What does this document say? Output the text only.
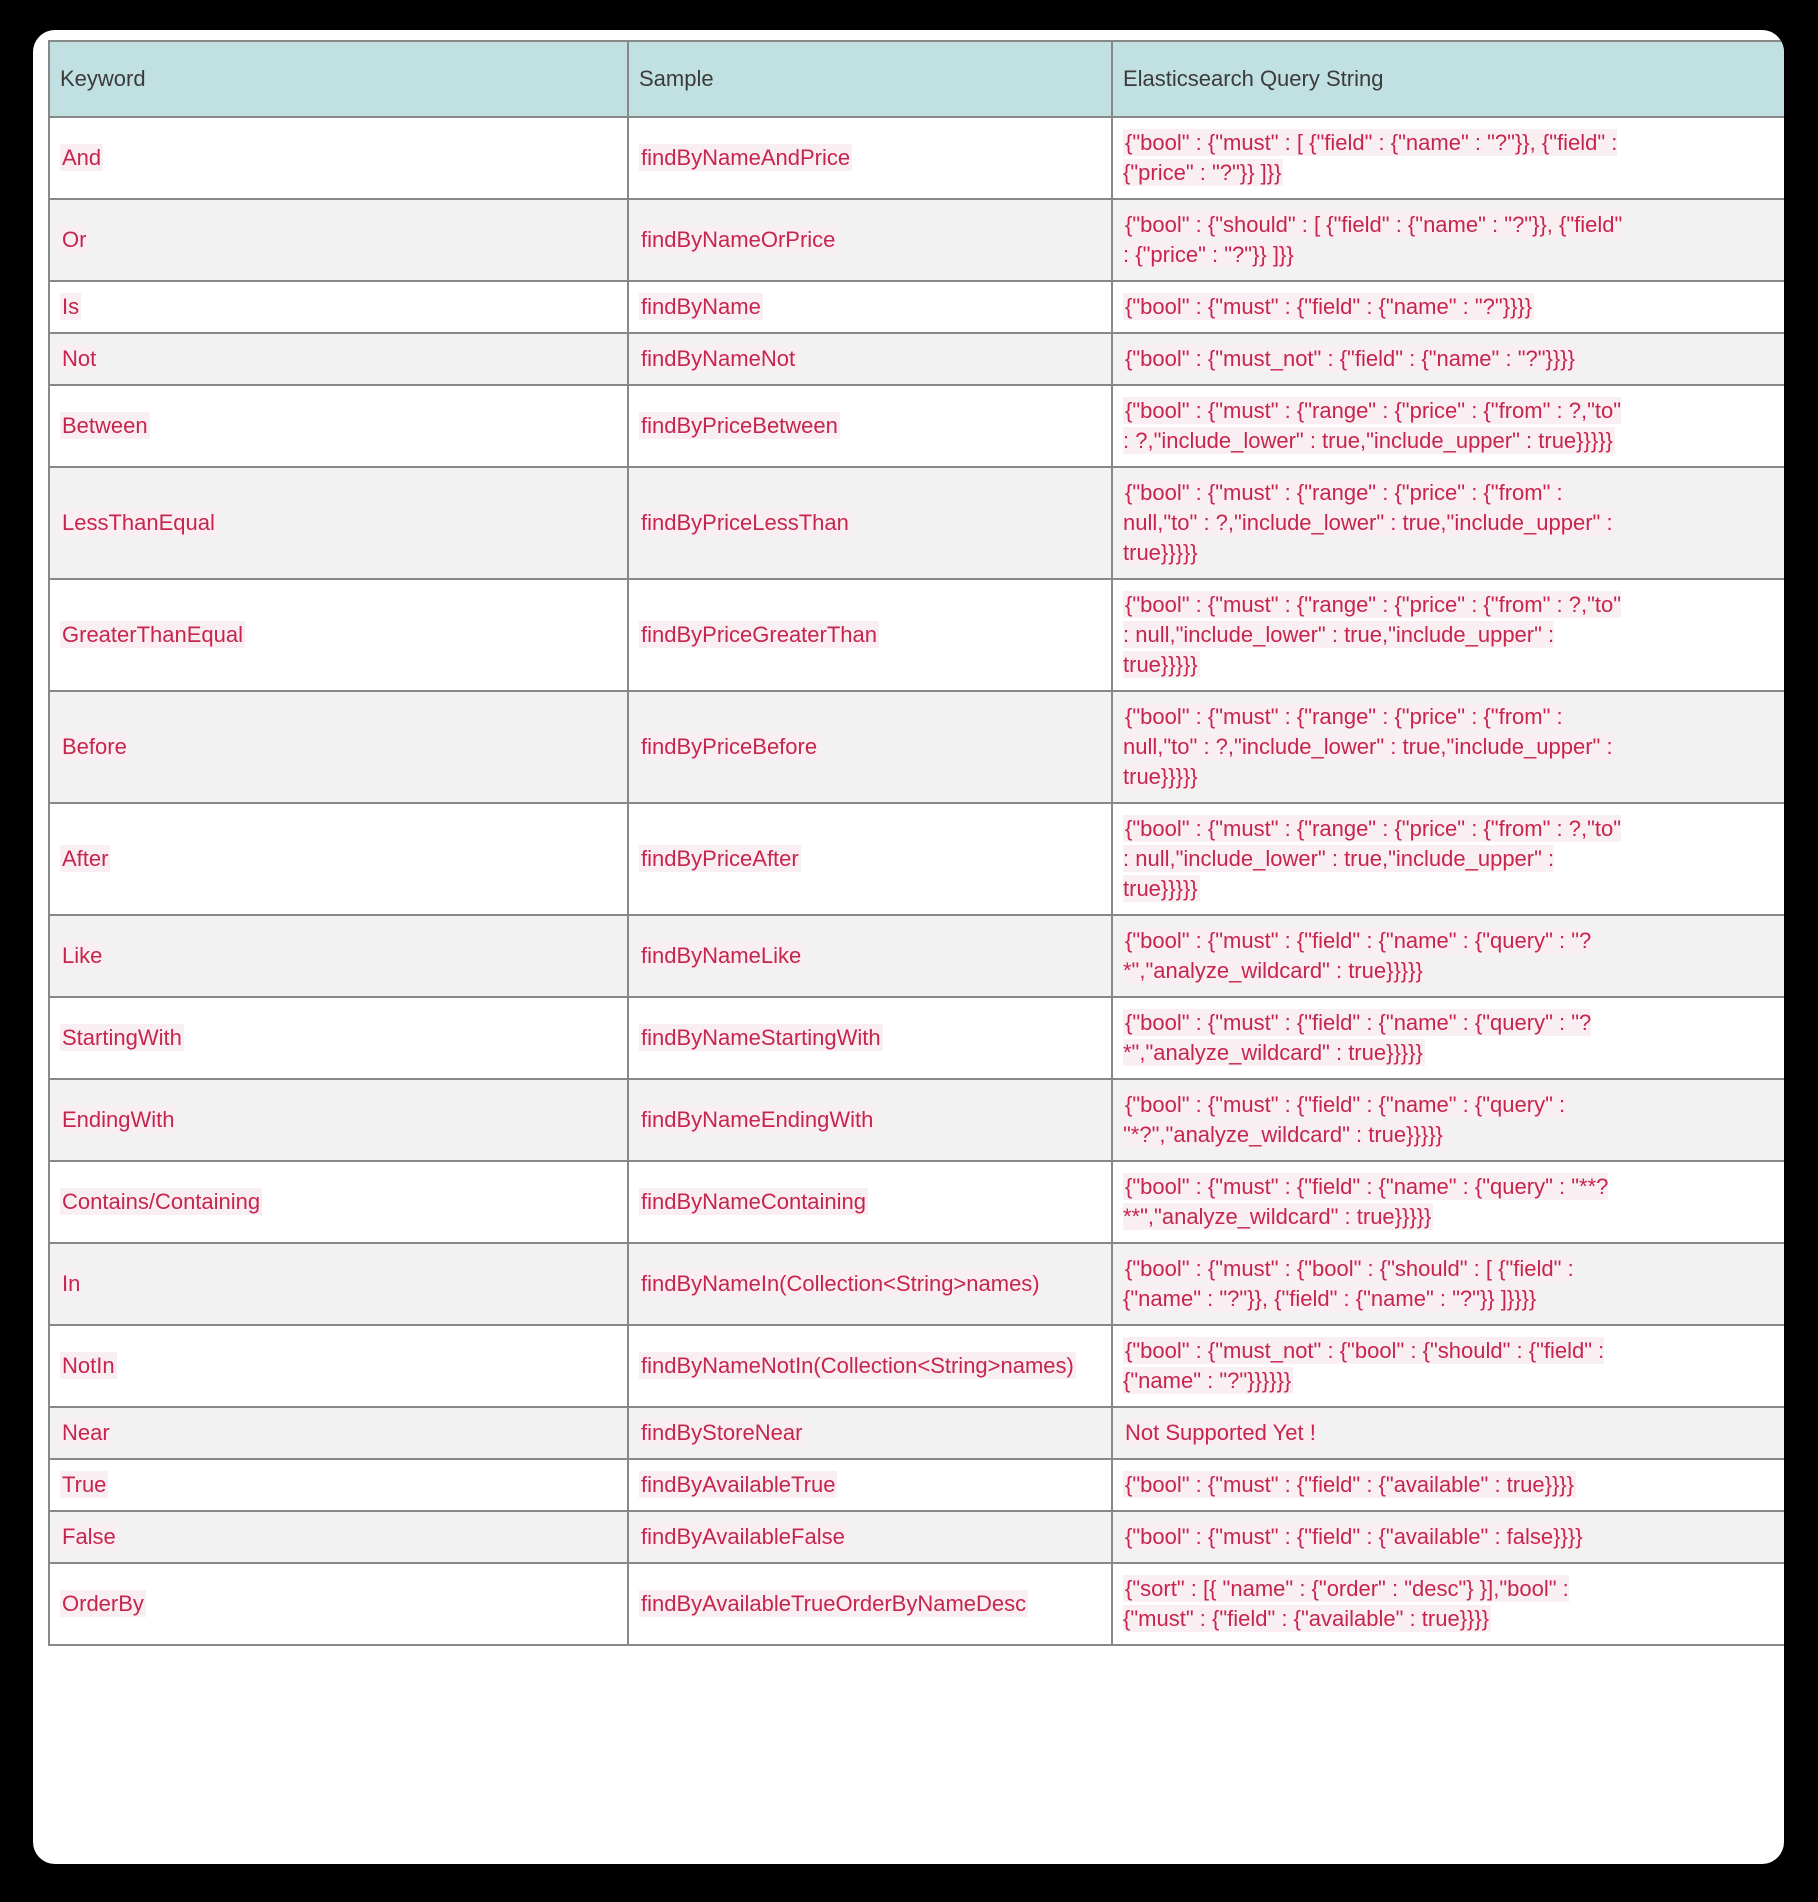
Keyword	Sample	Elasticsearch Query String
And	findByNameAndPrice	{"bool" : {"must" : [ {"field" : {"name" : "?"}}, {"field" : {"price" : "?"}} ]}}

Or	findByNameOrPrice	{"bool" : {"should" : [ {"field" : {"name" : "?"}}, {"field" : {"price" : "?"}} ]}}

Is	findByName	{"bool" : {"must" : {"field" : {"name" : "?"}}}}

Not	findByNameNot	{"bool" : {"must_not" : {"field" : {"name" : "?"}}}}

Between	findByPriceBetween	{"bool" : {"must" : {"range" : {"price" : {"from" : ?,"to" : ?,"include_lower" : true,"include_upper" : true}}}}}

LessThanEqual	findByPriceLessThan	{"bool" : {"must" : {"range" : {"price" : {"from" : null,"to" : ?,"include_lower" : true,"include_upper" : true}}}}}

GreaterThanEqual	findByPriceGreaterThan	{"bool" : {"must" : {"range" : {"price" : {"from" : ?,"to" : null,"include_lower" : true,"include_upper" : true}}}}}

Before	findByPriceBefore	{"bool" : {"must" : {"range" : {"price" : {"from" : null,"to" : ?,"include_lower" : true,"include_upper" : true}}}}}

After	findByPriceAfter	{"bool" : {"must" : {"range" : {"price" : {"from" : ?,"to" : null,"include_lower" : true,"include_upper" : true}}}}}

Like	findByNameLike	{"bool" : {"must" : {"field" : {"name" : {"query" : "?*","analyze_wildcard" : true}}}}}

StartingWith	findByNameStartingWith	{"bool" : {"must" : {"field" : {"name" : {"query" : "?*","analyze_wildcard" : true}}}}}

EndingWith	findByNameEndingWith	{"bool" : {"must" : {"field" : {"name" : {"query" : "*?","analyze_wildcard" : true}}}}}

Contains/Containing	findByNameContaining	{"bool" : {"must" : {"field" : {"name" : {"query" : "**?**","analyze_wildcard" : true}}}}}

In	findByNameIn(Collection<String>names)	{"bool" : {"must" : {"bool" : {"should" : [ {"field" : {"name" : "?"}}, {"field" : {"name" : "?"}} ]}}}}

NotIn	findByNameNotIn(Collection<String>names)	{"bool" : {"must_not" : {"bool" : {"should" : {"field" : {"name" : "?"}}}}}}

Near	findByStoreNear	Not Supported Yet !

True	findByAvailableTrue	{"bool" : {"must" : {"field" : {"available" : true}}}}

False	findByAvailableFalse	{"bool" : {"must" : {"field" : {"available" : false}}}}

OrderBy	findByAvailableTrueOrderByNameDesc	{"sort" : [{ "name" : {"order" : "desc"} }],"bool" : {"must" : {"field" : {"available" : true}}}}
